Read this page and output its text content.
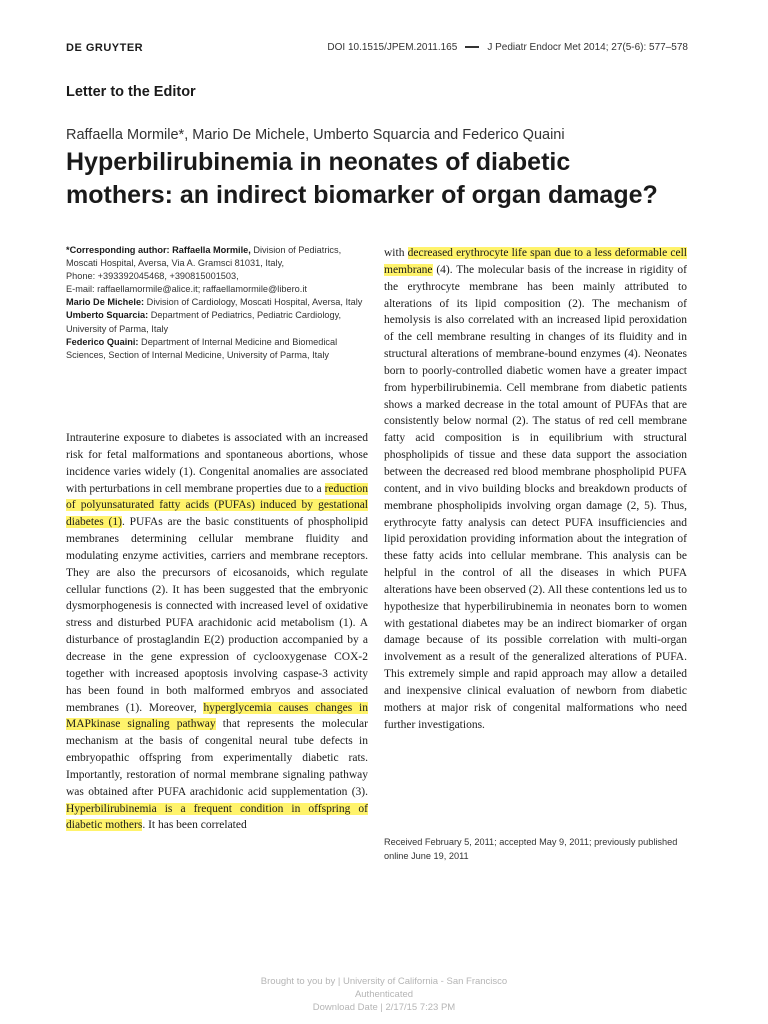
DE GRUYTER	DOI 10.1515/JPEM.2011.165	J Pediatr Endocr Met 2014; 27(5-6): 577–578
Letter to the Editor
Raffaella Mormile*, Mario De Michele, Umberto Squarcia and Federico Quaini
Hyperbilirubinemia in neonates of diabetic
mothers: an indirect biomarker of organ damage?

*Corresponding author: Raffaella Mormile, Division of Pediatrics, Moscati Hospital, Aversa, Via A. Gramsci 81031, Italy,

Phone: +393392045468, +390815001503,

E-mail: raffaellamormile@alice.it; raffaellamormile@libero.it

Mario De Michele: Division of Cardiology, Moscati Hospital, Aversa, Italy

Umberto Squarcia: Department of Pediatrics, Pediatric Cardiology, University of Parma, Italy

Federico Quaini: Department of Internal Medicine and Biomedical Sciences, Section of Internal Medicine, University of Parma, Italy

Intrauterine exposure to diabetes is associated with an increased risk for fetal malformations and spontaneous abortions, whose incidence varies widely (1). Congenital anomalies are associated with perturbations in cell membrane properties due to a reduction of polyunsaturated fatty acids (PUFAs) induced by gestational diabetes (1). PUFAs are the basic constituents of phospholipid membranes determining cellular membrane fluidity and modulating enzyme activities, carriers and membrane receptors. They are also the precursors of eicosanoids, which regulate cellular functions (2). It has been suggested that the embryonic dysmorphogenesis is connected with increased level of oxidative stress and disturbed PUFA arachidonic acid metabolism (1). A disturbance of prostaglandin E(2) production accompanied by a decrease in the gene expression of cyclooxygenase COX-2 together with increased apoptosis involving caspase-3 activity has been found in both malformed embryos and associated membranes (1). Moreover, hyperglycemia causes changes in MAPkinase signaling pathway that represents the molecular mechanism at the basis of congenital neural tube defects in embryopathic offspring from experimentally diabetic rats. Importantly, restoration of normal membrane signaling pathway was obtained after PUFA arachidonic acid supplementation (3). Hyperbilirubinemia is a frequent condition in offspring of diabetic mothers. It has been correlated
with decreased erythrocyte life span due to a less deformable cell membrane (4). The molecular basis of the increase in rigidity of the erythrocyte membrane has been mainly attributed to alterations of its lipid composition (2). The mechanism of hemolysis is also correlated with an increased lipid peroxidation of the cell membrane resulting in changes of its fluidity and in structural alterations of membrane-bound enzymes (4). Neonates born to poorly-controlled diabetic women have a greater impact from hyperbilirubinemia. Cell membrane from diabetic patients shows a marked decrease in the total amount of PUFAs that are consistently below normal (2). The status of red cell membrane fatty acid composition is in equilibrium with structural phospholipids of tissue and these data support the association between the decreased red blood membrane phospholipid PUFA content, and in vivo building blocks and breakdown products of membrane phospholipids involving organ damage (2, 5). Thus, erythrocyte fatty analysis can detect PUFA insufficiencies and lipid peroxidation providing information about the integration of these fatty acids into cellular membrane. This analysis can be helpful in the control of all the diseases in which PUFA alterations have been observed (2). All these contentions led us to hypothesize that hyperbilirubinemia in neonates born to women with gestational diabetes may be an indirect biomarker of organ damage because of its possible correlation with multi-organ involvement as a result of the generalized alterations of PUFA. This extremely simple and rapid approach may allow a detailed and inexpensive clinical evaluation of newborn from diabetic mothers at major risk of congenital malformations who need further investigations.
Received February 5, 2011; accepted May 9, 2011; previously published online June 19, 2011
Brought to you by | University of California - San Francisco
Authenticated
Download Date | 2/17/15 7:23 PM
